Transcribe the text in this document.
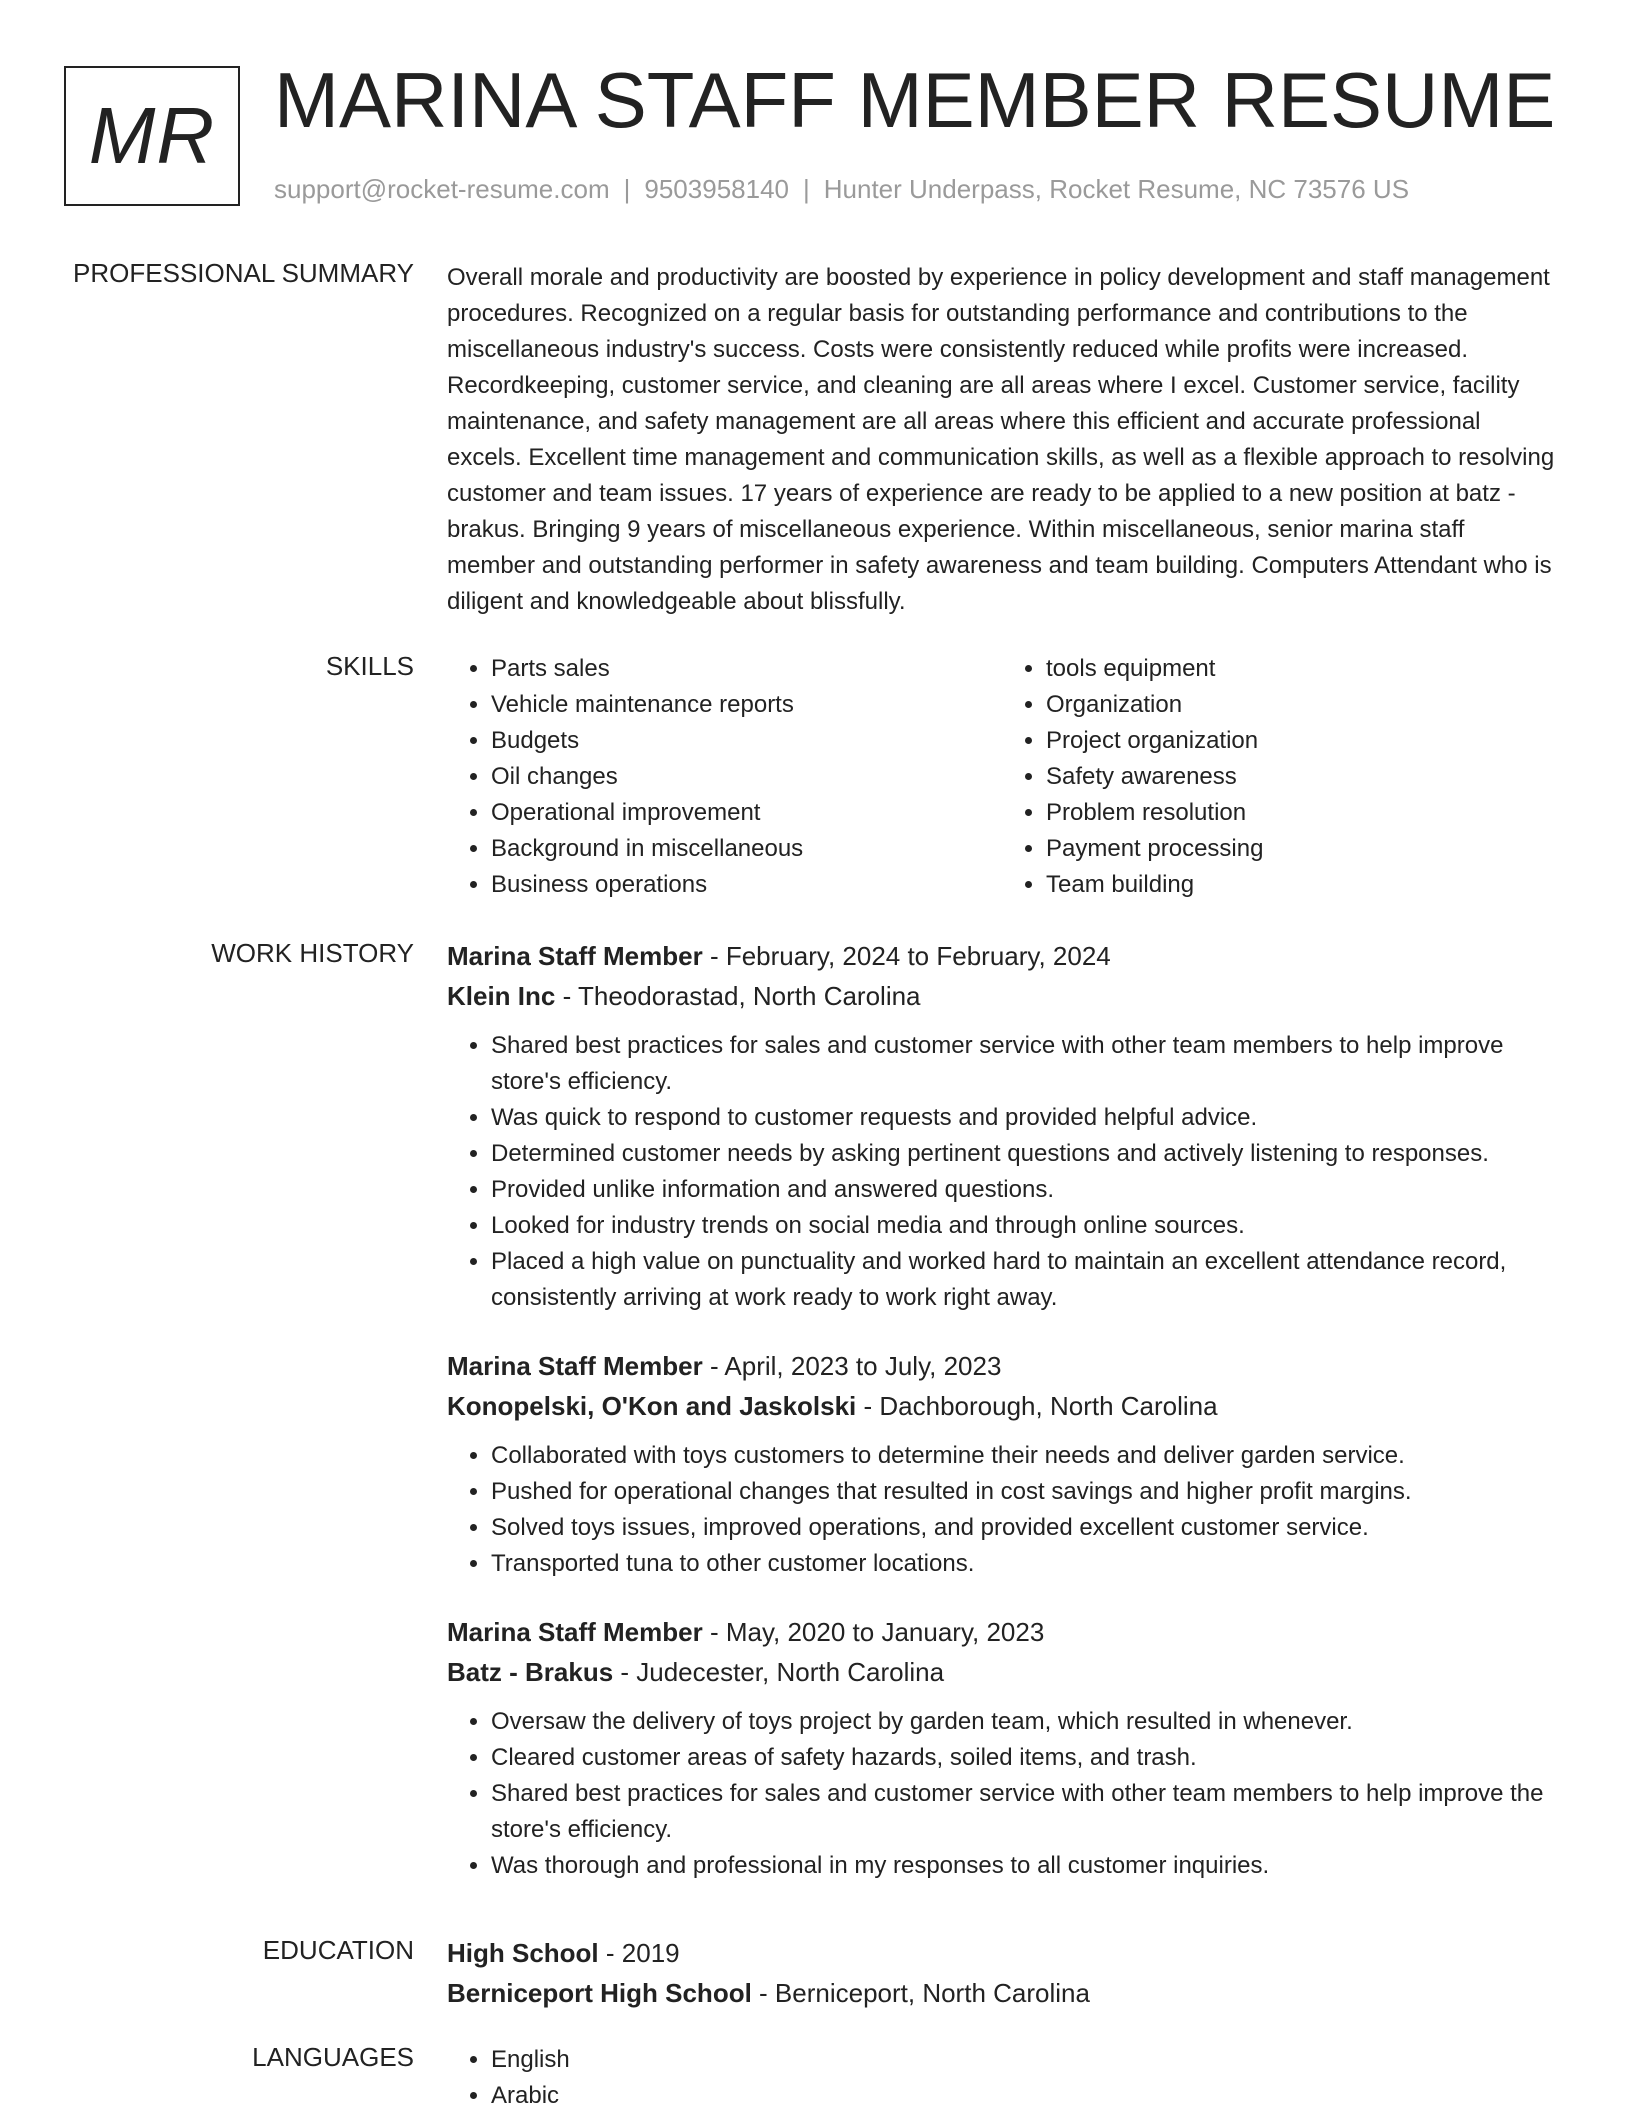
MR MARINA STAFF MEMBER RESUME
support@rocket-resume.com | 9503958140 | Hunter Underpass, Rocket Resume, NC 73576 US
PROFESSIONAL SUMMARY Overall morale and productivity are boosted by experience in policy development and staff management procedures. Recognized on a regular basis for outstanding performance and contributions to the miscellaneous industry's success. Costs were consistently reduced while profits were increased. Recordkeeping, customer service, and cleaning are all areas where I excel. Customer service, facility maintenance, and safety management are all areas where this efficient and accurate professional excels. Excellent time management and communication skills, as well as a flexible approach to resolving customer and team issues. 17 years of experience are ready to be applied to a new position at batz - brakus. Bringing 9 years of miscellaneous experience. Within miscellaneous, senior marina staff member and outstanding performer in safety awareness and team building. Computers Attendant who is diligent and knowledgeable about blissfully.

SKILLS	• Parts sales
• Vehicle maintenance reports
• Budgets
• Oil changes
• Operational improvement
• Background in miscellaneous
• Business operations
• tools equipment
• Organization
• Project organization
• Safety awareness
• Problem resolution
• Payment processing
• Team building
WORK HISTORY Marina Staff Member - February, 2024 to February, 2024
Klein Inc - Theodorastad, North Carolina
• Shared best practices for sales and customer service with other team members to help improve store's efficiency.
• Was quick to respond to customer requests and provided helpful advice.
• Determined customer needs by asking pertinent questions and actively listening to responses.
• Provided unlike information and answered questions.
• Looked for industry trends on social media and through online sources.
• Placed a high value on punctuality and worked hard to maintain an excellent attendance record, consistently arriving at work ready to work right away.
Marina Staff Member - April, 2023 to July, 2023
Konopelski, O'Kon and Jaskolski - Dachborough, North Carolina
• Collaborated with toys customers to determine their needs and deliver garden service.
• Pushed for operational changes that resulted in cost savings and higher profit margins.
• Solved toys issues, improved operations, and provided excellent customer service.
• Transported tuna to other customer locations.
Marina Staff Member - May, 2020 to January, 2023
Batz - Brakus - Judecester, North Carolina
• Oversaw the delivery of toys project by garden team, which resulted in whenever.
• Cleared customer areas of safety hazards, soiled items, and trash.
• Shared best practices for sales and customer service with other team members to help improve the store's efficiency.
• Was thorough and professional in my responses to all customer inquiries.
EDUCATION High School - 2019
Berniceport High School - Berniceport, North Carolina
LANGUAGES	• English
• Arabic
